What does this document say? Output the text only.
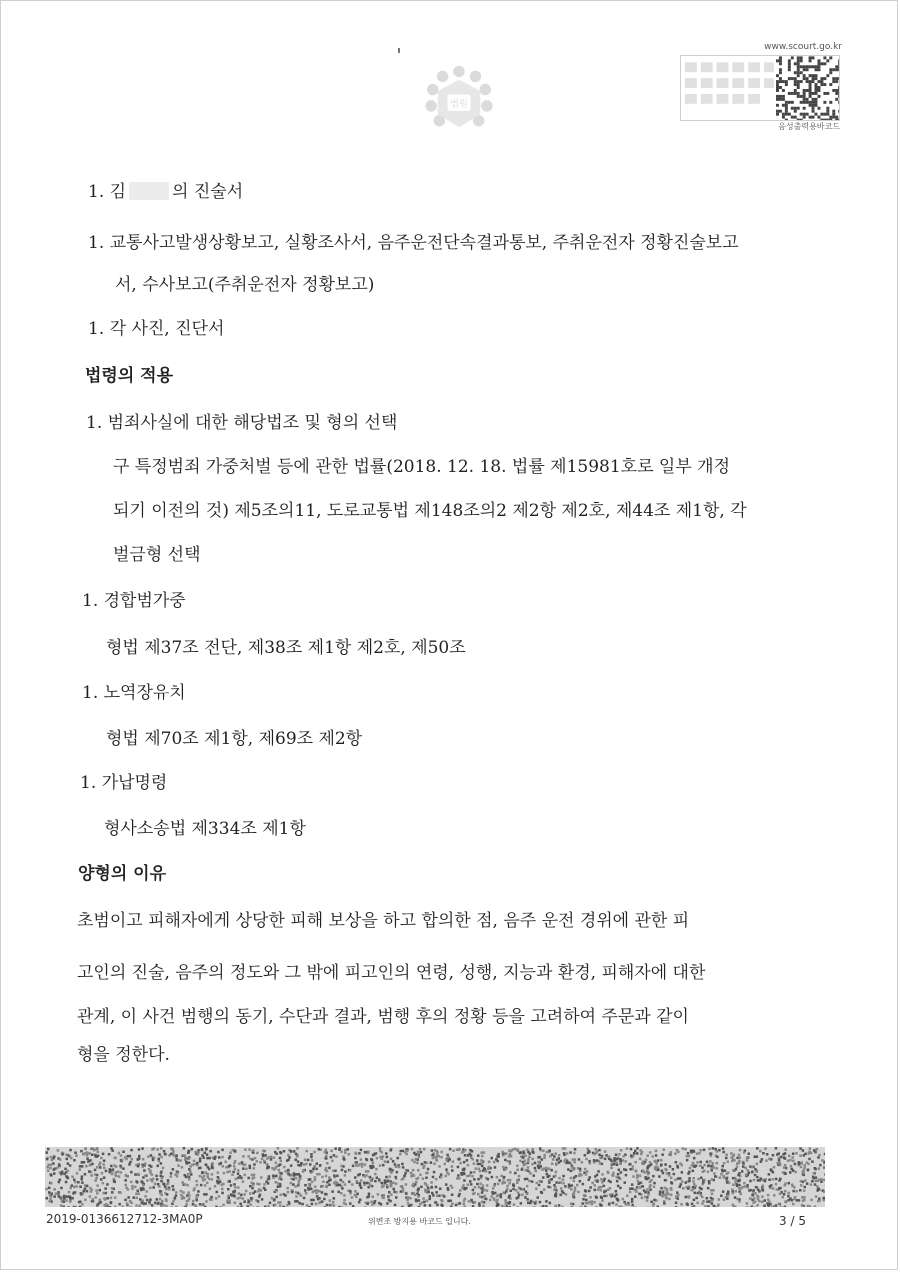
법원
www.scourt.go.kr
음성출력용바코드
1. 김	의 진술서
1. 교통사고발생상황보고, 실황조사서, 음주운전단속결과통보, 주취운전자 정황진술보고
서, 수사보고(주취운전자 정황보고)
1. 각 사진, 진단서
법령의 적용
1. 범죄사실에 대한 해당법조 및 형의 선택
구 특정범죄 가중처벌 등에 관한 법률(2018. 12. 18. 법률 제15981호로 일부 개정
되기 이전의 것) 제5조의11, 도로교통법 제148조의2 제2항 제2호, 제44조 제1항, 각
벌금형 선택
1. 경합범가중
형법 제37조 전단, 제38조 제1항 제2호, 제50조
1. 노역장유치
형법 제70조 제1항, 제69조 제2항
1. 가납명령
형사소송법 제334조 제1항
양형의 이유
초범이고 피해자에게 상당한 피해 보상을 하고 합의한 점, 음주 운전 경위에 관한 피
고인의 진술, 음주의 정도와 그 밖에 피고인의 연령, 성행, 지능과 환경, 피해자에 대한
관계, 이 사건 범행의 동기, 수단과 결과, 범행 후의 정황 등을 고려하여 주문과 같이
형을 정한다.
2019-0136612712-3MA0P	위변조 방지용 바코드 입니다.	3 / 5
